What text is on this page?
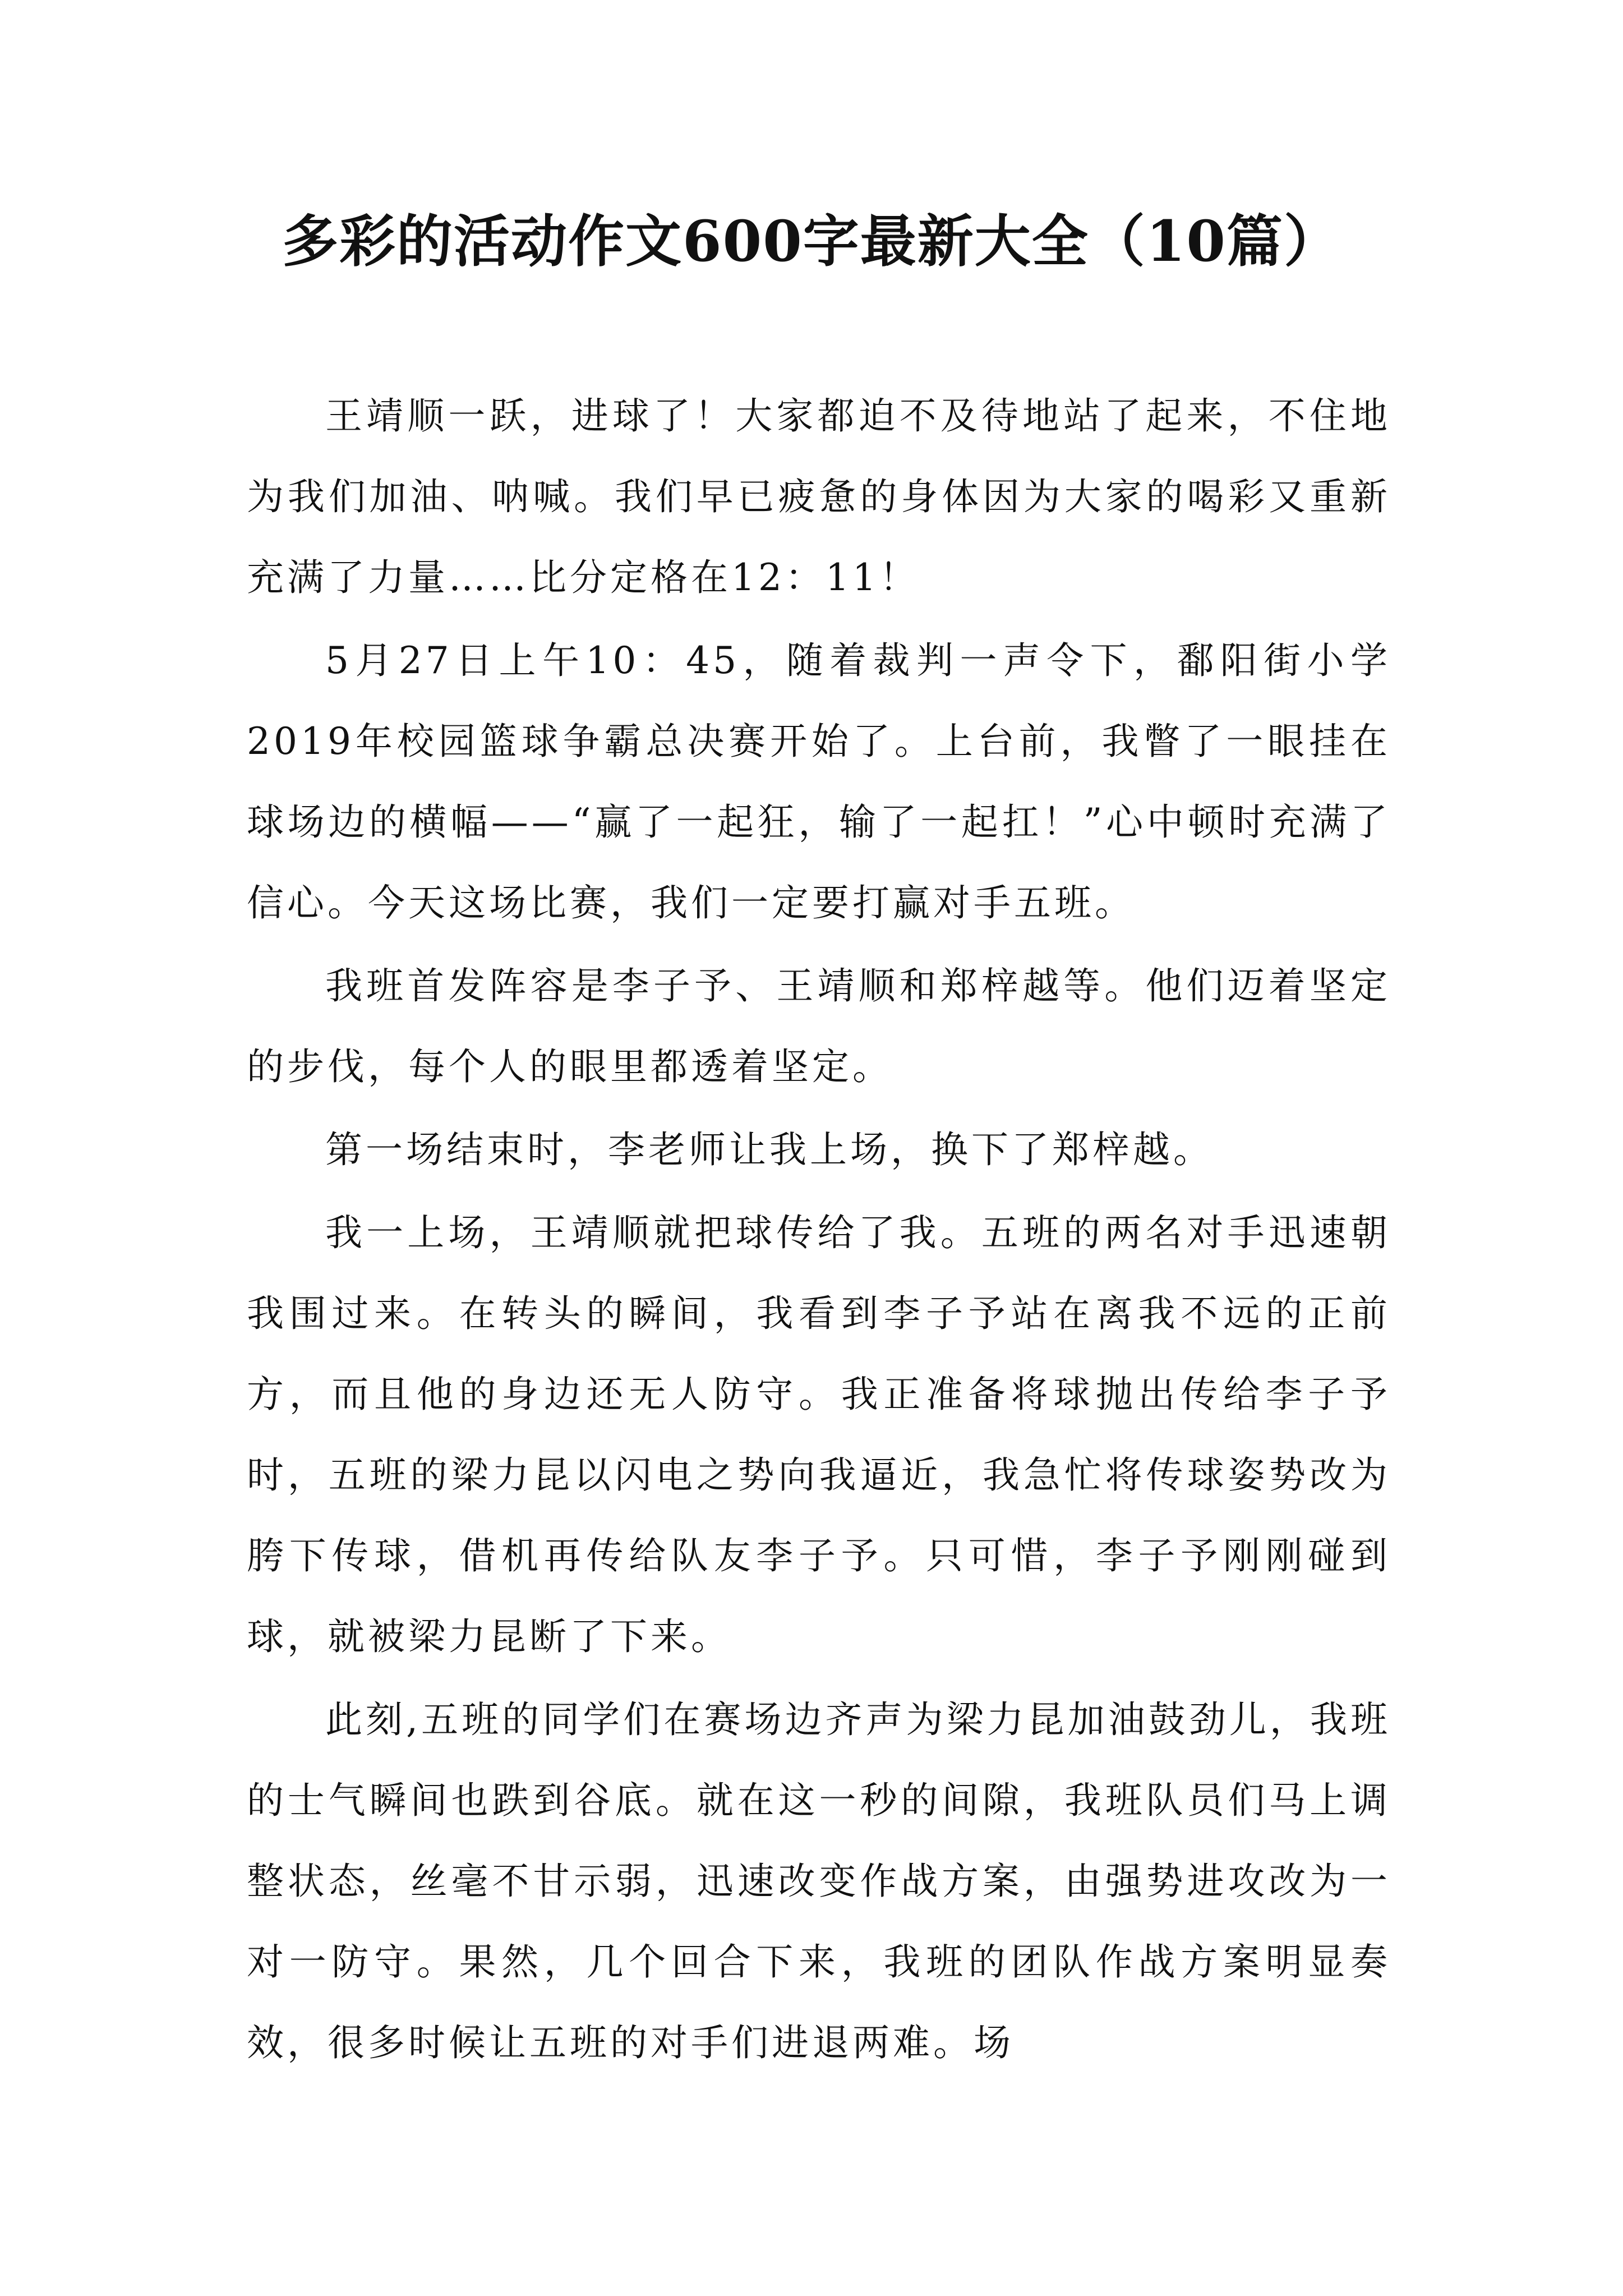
多彩的活动作文600字最新大全（10篇）

王靖顺一跃，进球了！大家都迫不及待地站了起来，不住地为我们加油、呐喊。我们早已疲惫的身体因为大家的喝彩又重新充满了力量……比分定格在12：11！

5月27日上午10：45，随着裁判一声令下，鄱阳街小学2019年校园篮球争霸总决赛开始了。上台前，我瞥了一眼挂在球场边的横幅——“赢了一起狂，输了一起扛！”心中顿时充满了信心。今天这场比赛，我们一定要打赢对手五班。

我班首发阵容是李子予、王靖顺和郑梓越等。他们迈着坚定的步伐，每个人的眼里都透着坚定。

第一场结束时，李老师让我上场，换下了郑梓越。

我一上场，王靖顺就把球传给了我。五班的两名对手迅速朝我围过来。在转头的瞬间，我看到李子予站在离我不远的正前方，而且他的身边还无人防守。我正准备将球抛出传给李子予时，五班的梁力昆以闪电之势向我逼近，我急忙将传球姿势改为胯下传球，借机再传给队友李子予。只可惜，李子予刚刚碰到球，就被梁力昆断了下来。

此刻,五班的同学们在赛场边齐声为梁力昆加油鼓劲儿，我班的士气瞬间也跌到谷底。就在这一秒的间隙，我班队员们马上调整状态，丝毫不甘示弱，迅速改变作战方案，由强势进攻改为一对一防守。果然，几个回合下来，我班的团队作战方案明显奏效，很多时候让五班的对手们进退两难。场
